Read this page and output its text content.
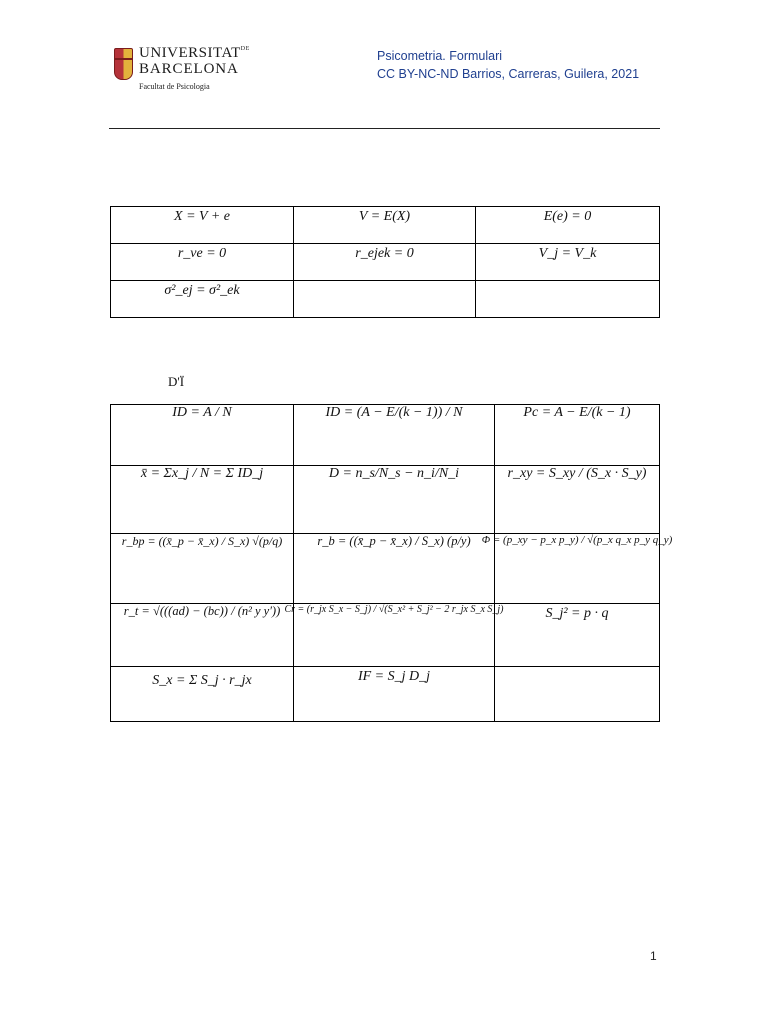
$UNIVERSITAT^{DE}$
BARCELONA
Facultat de Psicologia
Psicometria. Formulari
CC BY-NC-ND Barrios, Carreras, Guilera, 2021
X = V + e	V = E(X)	E(e) = 0

r_ve = 0	r_ejek = 0	V_j = V_k

σ²_ej = σ²_ek		

D'Ï
ID = A / N	ID = (A − E/(k − 1)) / N	Pc = A − E/(k − 1)

x̄ = Σx_j / N = Σ ID_j	D = n_s/N_s − n_i/N_i	r_xy = S_xy / (S_x · S_y)

r_bp = ((x̄_p − x̄_x) / S_x) √(p/q)	r_b = ((x̄_p − x̄_x) / S_x) (p/y)	Φ = (p_xy − p_x p_y) / √(p_x q_x p_y q_y)

r_t = √(((ad) − (bc)) / (n² y y′))	Cr = (r_jx S_x − S_j) / √(S_x² + S_j² − 2 r_jx S_x S_j)	S_j² = p · q

S_x = Σ S_j · r_jx	IF = S_j D_j	

1
